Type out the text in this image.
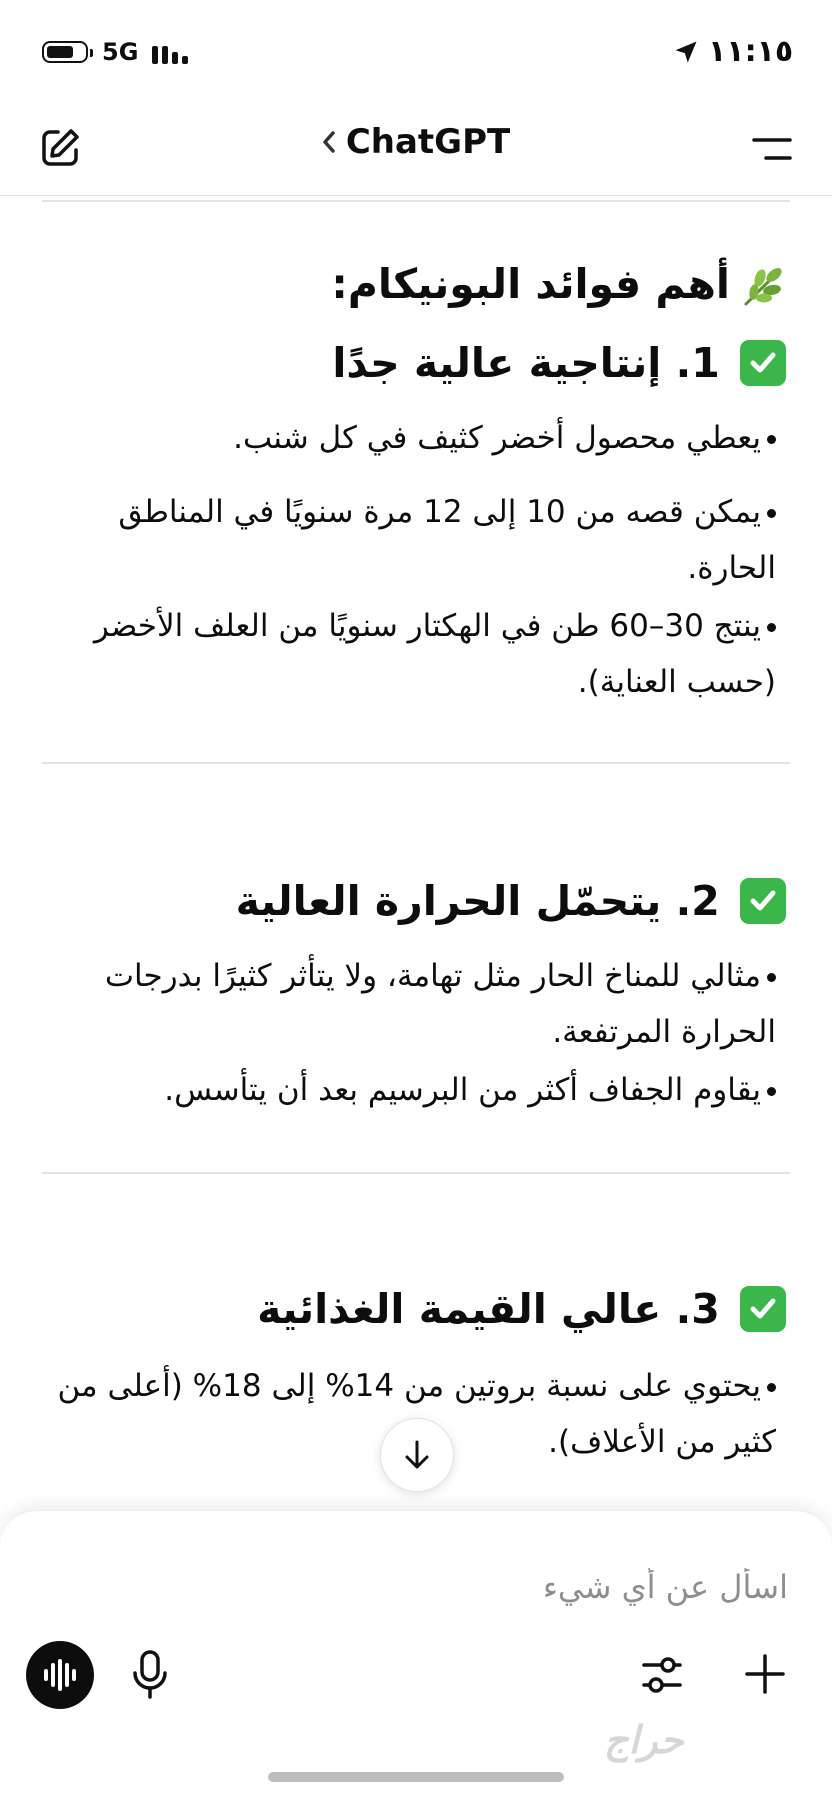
5G	١١:١٥
ChatGPT
أهم فوائد البونيكام:
1. إنتاجية عالية جدًا
يعطي محصول أخضر كثيف في كل شنب.
يمكن قصه من 10 إلى 12 مرة سنويًا في المناطق الحارة.
ينتج 30–60 طن في الهكتار سنويًا من العلف الأخضر (حسب العناية).
2. يتحمّل الحرارة العالية
مثالي للمناخ الحار مثل تهامة، ولا يتأثر كثيرًا بدرجات الحرارة المرتفعة.
يقاوم الجفاف أكثر من البرسيم بعد أن يتأسس.
3. عالي القيمة الغذائية
يحتوي على نسبة بروتين من 14% إلى 18% (أعلى من كثير من الأعلاف).
اسأل عن أي شيء
حراج
